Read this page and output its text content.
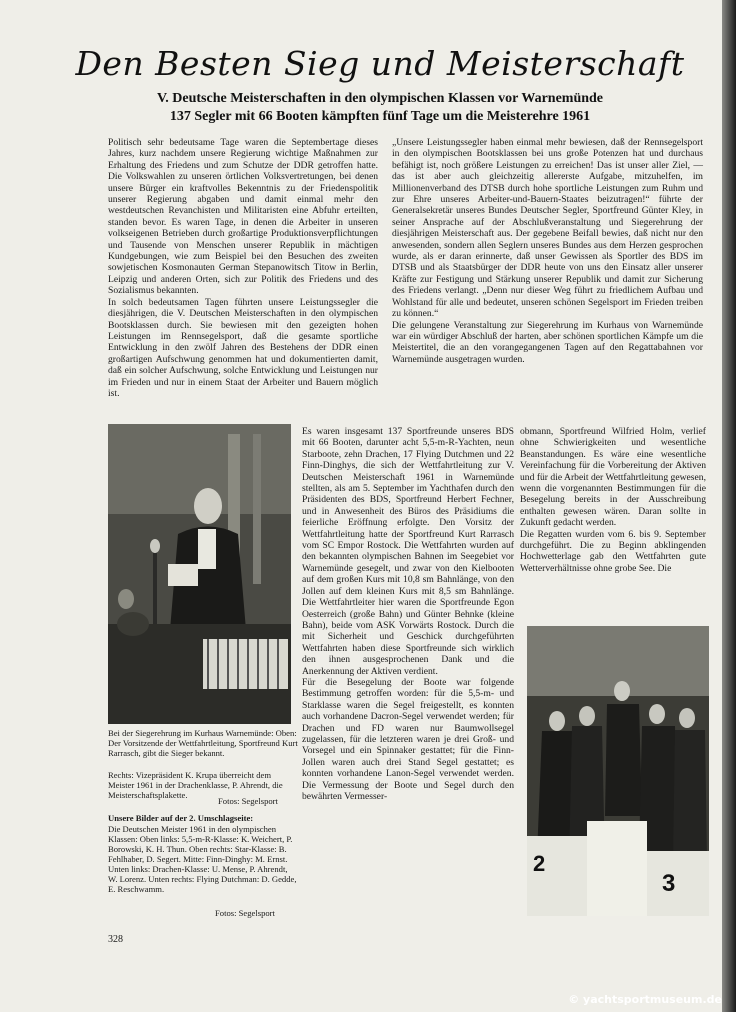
Den Besten Sieg und Meisterschaft
V. Deutsche Meisterschaften in den olympischen Klassen vor Warnemünde
137 Segler mit 66 Booten kämpften fünf Tage um die Meisterehre 1961

Politisch sehr bedeutsame Tage waren die Septembertage dieses Jahres, kurz nachdem unsere Regierung wichtige Maßnahmen zur Erhaltung des Friedens und zum Schutze der DDR getroffen hatte. Die Volkswahlen zu unseren örtlichen Volksvertretungen, bei denen unsere Bürger ein kraftvolles Bekenntnis zu der Friedenspolitik unserer Regierung abgaben und damit einmal mehr den westdeutschen Revanchisten und Militaristen eine Abfuhr erteilten, standen bevor. Es waren Tage, in denen die Arbeiter in unseren volkseigenen Betrieben durch großartige Produktionsverpflichtungen und Tausende von Menschen unserer Republik in mächtigen Kundgebungen, wie zum Beispiel bei den Besuchen des zweiten sowjetischen Kosmonauten German Stepanowitsch Titow in Berlin, Leipzig und anderen Orten, sich zur Politik des Friedens und des Sozialismus bekannten.

In solch bedeutsamen Tagen führten unsere Leistungssegler die diesjährigen, die V. Deutschen Meisterschaften in den olympischen Bootsklassen durch. Sie bewiesen mit den gezeigten hohen Leistungen im Rennsegelsport, daß die gesamte sportliche Entwicklung in den zwölf Jahren des Bestehens der DDR einen großartigen Aufschwung genommen hat und dokumentierten damit, daß ein solcher Aufschwung, solche Entwicklung und Leistungen nur im Frieden und nur in einem Staat der Arbeiter und Bauern möglich ist.

„Unsere Leistungssegler haben einmal mehr bewiesen, daß der Rennsegelsport in den olympischen Bootsklassen bei uns große Potenzen hat und durchaus befähigt ist, noch größere Leistungen zu erreichen! Das ist unser aller Ziel, — das ist aber auch gleichzeitig allererste Aufgabe, mitzuhelfen, im Millionenverband des DTSB durch hohe sportliche Leistungen zum Ruhm und zur Ehre unseres Arbeiter-und-Bauern-Staates beizutragen!“ führte der Generalsekretär unseres Bundes Deutscher Segler, Sportfreund Günter Kley, in seiner Ansprache auf der Abschlußveranstaltung und Siegerehrung der diesjährigen Meisterschaft aus. Der gegebene Beifall bewies, daß nicht nur den anwesenden, sondern allen Seglern unseres Bundes aus dem Herzen gesprochen wurde, als er daran erinnerte, daß unser Gewissen als Sportler des BDS im DTSB und als Staatsbürger der DDR heute von uns den Einsatz aller unserer Kräfte zur Festigung und Stärkung unserer Republik und damit zur Sicherung des Friedens verlangt. „Denn nur dieser Weg führt zu friedlichem Aufbau und Wohlstand für alle und bedeutet, unseren schönen Segelsport im Frieden treiben zu können.“

Die gelungene Veranstaltung zur Siegerehrung im Kurhaus von Warnemünde war ein würdiger Abschluß der harten, aber schönen sportlichen Kämpfe um die Meistertitel, die an den vorangegangenen Tagen auf den Regattabahnen vor Warnemünde ausgetragen wurden.

Es waren insgesamt 137 Sportfreunde unseres BDS mit 66 Booten, darunter acht 5,5-m-R-Yachten, neun Starboote, zehn Drachen, 17 Flying Dutchmen und 22 Finn-Dinghys, die sich der Wettfahrtleitung zur V. Deutschen Meisterschaft 1961 in Warnemünde stellten, als am 5. September im Yachthafen durch den Präsidenten des BDS, Sportfreund Herbert Fechner, und in Anwesenheit des Büros des Präsidiums die feierliche Eröffnung erfolgte. Den Vorsitz der Wettfahrtleitung hatte der Sportfreund Kurt Rarrasch vom SC Empor Rostock. Die Wettfahrten wurden auf den bekannten olympischen Bahnen im Seegebiet vor Warnemünde gesegelt, und zwar von den Kielbooten auf dem großen Kurs mit 10,8 sm Bahnlänge, von den Jollen auf dem kleinen Kurs mit 8,5 sm Bahnlänge. Die Wettfahrtleiter hier waren die Sportfreunde Egon Oesterreich (große Bahn) und Günter Behnke (kleine Bahn), beide vom ASK Vorwärts Rostock. Durch die mit Sicherheit und Geschick durchgeführten Wettfahrten haben diese Sportfreunde sich wirklich den ihnen ausgesprochenen Dank und die Anerkennung der Aktiven verdient.

Für die Besegelung der Boote war folgende Bestimmung getroffen worden: für die 5,5-m- und Starklasse waren die Segel freigestellt, es konnten auch vorhandene Dacron-Segel verwendet werden; für Drachen und FD waren nur Baumwollsegel zugelassen, für die letzteren waren je drei Groß- und Vorsegel und ein Spinnaker gestattet; für die Finn-Jollen waren auch drei Stand Segel gestattet; es konnten vorhandene Lanon-Segel verwendet werden. Die Vermessung der Boote und Segel durch den bewährten Vermesser-

obmann, Sportfreund Wilfried Holm, verlief ohne Schwierigkeiten und wesentliche Beanstandungen. Es wäre eine wesentliche Vereinfachung für die Vorbereitung der Aktiven und für die Arbeit der Wettfahrtleitung gewesen, wenn die vorgenannten Bestimmungen für die Besegelung bereits in der Ausschreibung enthalten gewesen wären. Daran sollte in Zukunft gedacht werden.

Die Regatten wurden vom 6. bis 9. September durchgeführt. Die zu Beginn abklingenden Hochwetterlage gab den Wettfahrten gute Wetterverhältnisse ohne grobe See. Die

2
3
Bei der Siegerehrung im Kurhaus Warnemünde: Oben: Der Vorsitzende der Wettfahrtleitung, Sportfreund Kurt Rarrasch, gibt die Sieger bekannt.
Rechts: Vizepräsident K. Krupa überreicht dem Meister 1961 in der Drachenklasse, P. Ahrendt, die Meisterschaftsplakette.
Fotos: Segelsport
Unsere Bilder auf der 2. Umschlagseite:
Die Deutschen Meister 1961 in den olympischen Klassen: Oben links: 5,5-m-R-Klasse: K. Weichert, P. Borowski, K. H. Thun. Oben rechts: Star-Klasse: B. Fehlhaber, D. Segert. Mitte: Finn-Dinghy: M. Ernst. Unten links: Drachen-Klasse: U. Mense, P. Ahrendt, W. Lorenz. Unten rechts: Flying Dutchman: D. Gedde, E. Reschwamm.
Fotos: Segelsport
328
© yachtsportmuseum.de
